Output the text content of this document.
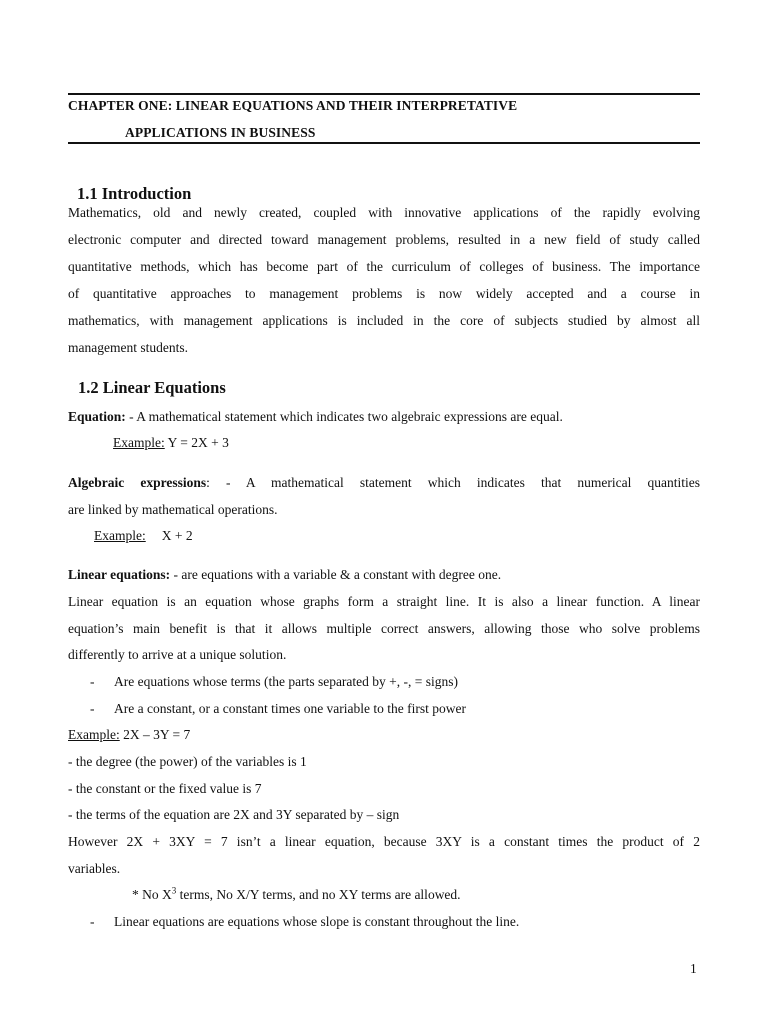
CHAPTER ONE: LINEAR EQUATIONS AND THEIR INTERPRETATIVE
APPLICATIONS IN BUSINESS
1.1 Introduction
Mathematics, old and newly created, coupled with innovative applications of the rapidly evolving
electronic computer and directed toward management problems, resulted in a new field of study called
quantitative methods, which has become part of the curriculum of colleges of business. The importance
of quantitative approaches to management problems is now widely accepted and a course in
mathematics, with management applications is included in the core of subjects studied by almost all
management students.
1.2 Linear Equations
Equation: - A mathematical statement which indicates two algebraic expressions are equal.
Example: Y = 2X + 3
Algebraic expressions: - A mathematical statement which indicates that numerical quantities
are linked by mathematical operations.
Example: X + 2
Linear equations: - are equations with a variable & a constant with degree one.
Linear equation is an equation whose graphs form a straight line. It is also a linear function. A linear
equation’s main benefit is that it allows multiple correct answers, allowing those who solve problems
differently to arrive at a unique solution.
- Are equations whose terms (the parts separated by +, -, = signs)
- Are a constant, or a constant times one variable to the first power
Example: 2X – 3Y = 7
- the degree (the power) of the variables is 1
- the constant or the fixed value is 7
- the terms of the equation are 2X and 3Y separated by – sign
However 2X + 3XY = 7 isn’t a linear equation, because 3XY is a constant times the product of 2
variables.
* No $X^3$ terms, No X/Y terms, and no XY terms are allowed.
- Linear equations are equations whose slope is constant throughout the line.
1
